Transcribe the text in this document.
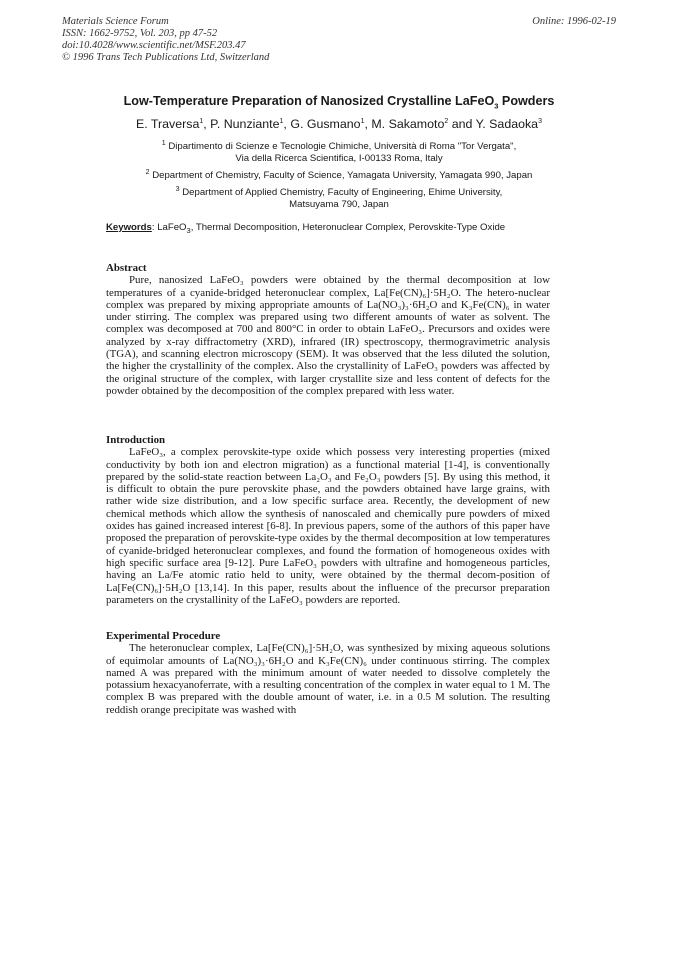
Materials Science Forum
ISSN: 1662-9752, Vol. 203, pp 47-52
doi:10.4028/www.scientific.net/MSF.203.47
© 1996 Trans Tech Publications Ltd, Switzerland
Online: 1996-02-19
Low-Temperature Preparation of Nanosized Crystalline LaFeO$_3$ Powders
E. Traversa$^1$, P. Nunziante$^1$, G. Gusmano$^1$, M. Sakamoto$^2$ and Y. Sadaoka$^3$
$^1$ Dipartimento di Scienze e Tecnologie Chimiche, Università di Roma "Tor Vergata",
Via della Ricerca Scientifica, I-00133 Roma, Italy
$^2$ Department of Chemistry, Faculty of Science, Yamagata University, Yamagata 990, Japan
$^3$ Department of Applied Chemistry, Faculty of Engineering, Ehime University,
Matsuyama 790, Japan
Keywords: LaFeO$_3$, Thermal Decomposition, Heteronuclear Complex, Perovskite-Type Oxide
Abstract

Pure, nanosized LaFeO₃ powders were obtained by the thermal decomposition at low temperatures of a cyanide-bridged heteronuclear complex, La[Fe(CN)₆]·5H₂O. The hetero-nuclear complex was prepared by mixing appropriate amounts of La(NO₃)₃·6H₂O and K₃Fe(CN)₆ in water under stirring. The complex was prepared using two different amounts of water as solvent. The complex was decomposed at 700 and 800°C in order to obtain LaFeO₃. Precursors and oxides were analyzed by x-ray diffractometry (XRD), infrared (IR) spectroscopy, thermogravimetric analysis (TGA), and scanning electron microscopy (SEM). It was observed that the less diluted the solution, the higher the crystallinity of the complex. Also the crystallinity of LaFeO₃ powders was affected by the original structure of the complex, with larger crystallite size and less content of defects for the powder obtained by the decomposition of the complex prepared with less water.

Introduction

LaFeO₃, a complex perovskite-type oxide which possess very interesting properties (mixed conductivity by both ion and electron migration) as a functional material [1-4], is conventionally prepared by the solid-state reaction between La₂O₃ and Fe₂O₃ powders [5]. By using this method, it is difficult to obtain the pure perovskite phase, and the powders obtained have large grains, with rather wide size distribution, and a low specific surface area. Recently, the development of new chemical methods which allow the synthesis of nanoscaled and chemically pure powders of mixed oxides has gained increased interest [6-8]. In previous papers, some of the authors of this paper have proposed the preparation of perovskite-type oxides by the thermal decomposition at low temperatures of cyanide-bridged heteronuclear complexes, and found the formation of homogeneous oxides with high specific surface area [9-12]. Pure LaFeO₃ powders with ultrafine and homogeneous particles, having an La/Fe atomic ratio held to unity, were obtained by the thermal decom-position of La[Fe(CN)₆]·5H₂O [13,14]. In this paper, results about the influence of the precursor preparation parameters on the crystallinity of the LaFeO₃ powders are reported.

Experimental Procedure

The heteronuclear complex, La[Fe(CN)₆]·5H₂O, was synthesized by mixing aqueous solutions of equimolar amounts of La(NO₃)₃·6H₂O and K₃Fe(CN)₆ under continuous stirring. The complex named A was prepared with the minimum amount of water needed to dissolve completely the potassium hexacyanoferrate, with a resulting concentration of the complex in water equal to 1 M. The complex B was prepared with the double amount of water, i.e. in a 0.5 M solution. The resulting reddish orange precipitate was washed with
